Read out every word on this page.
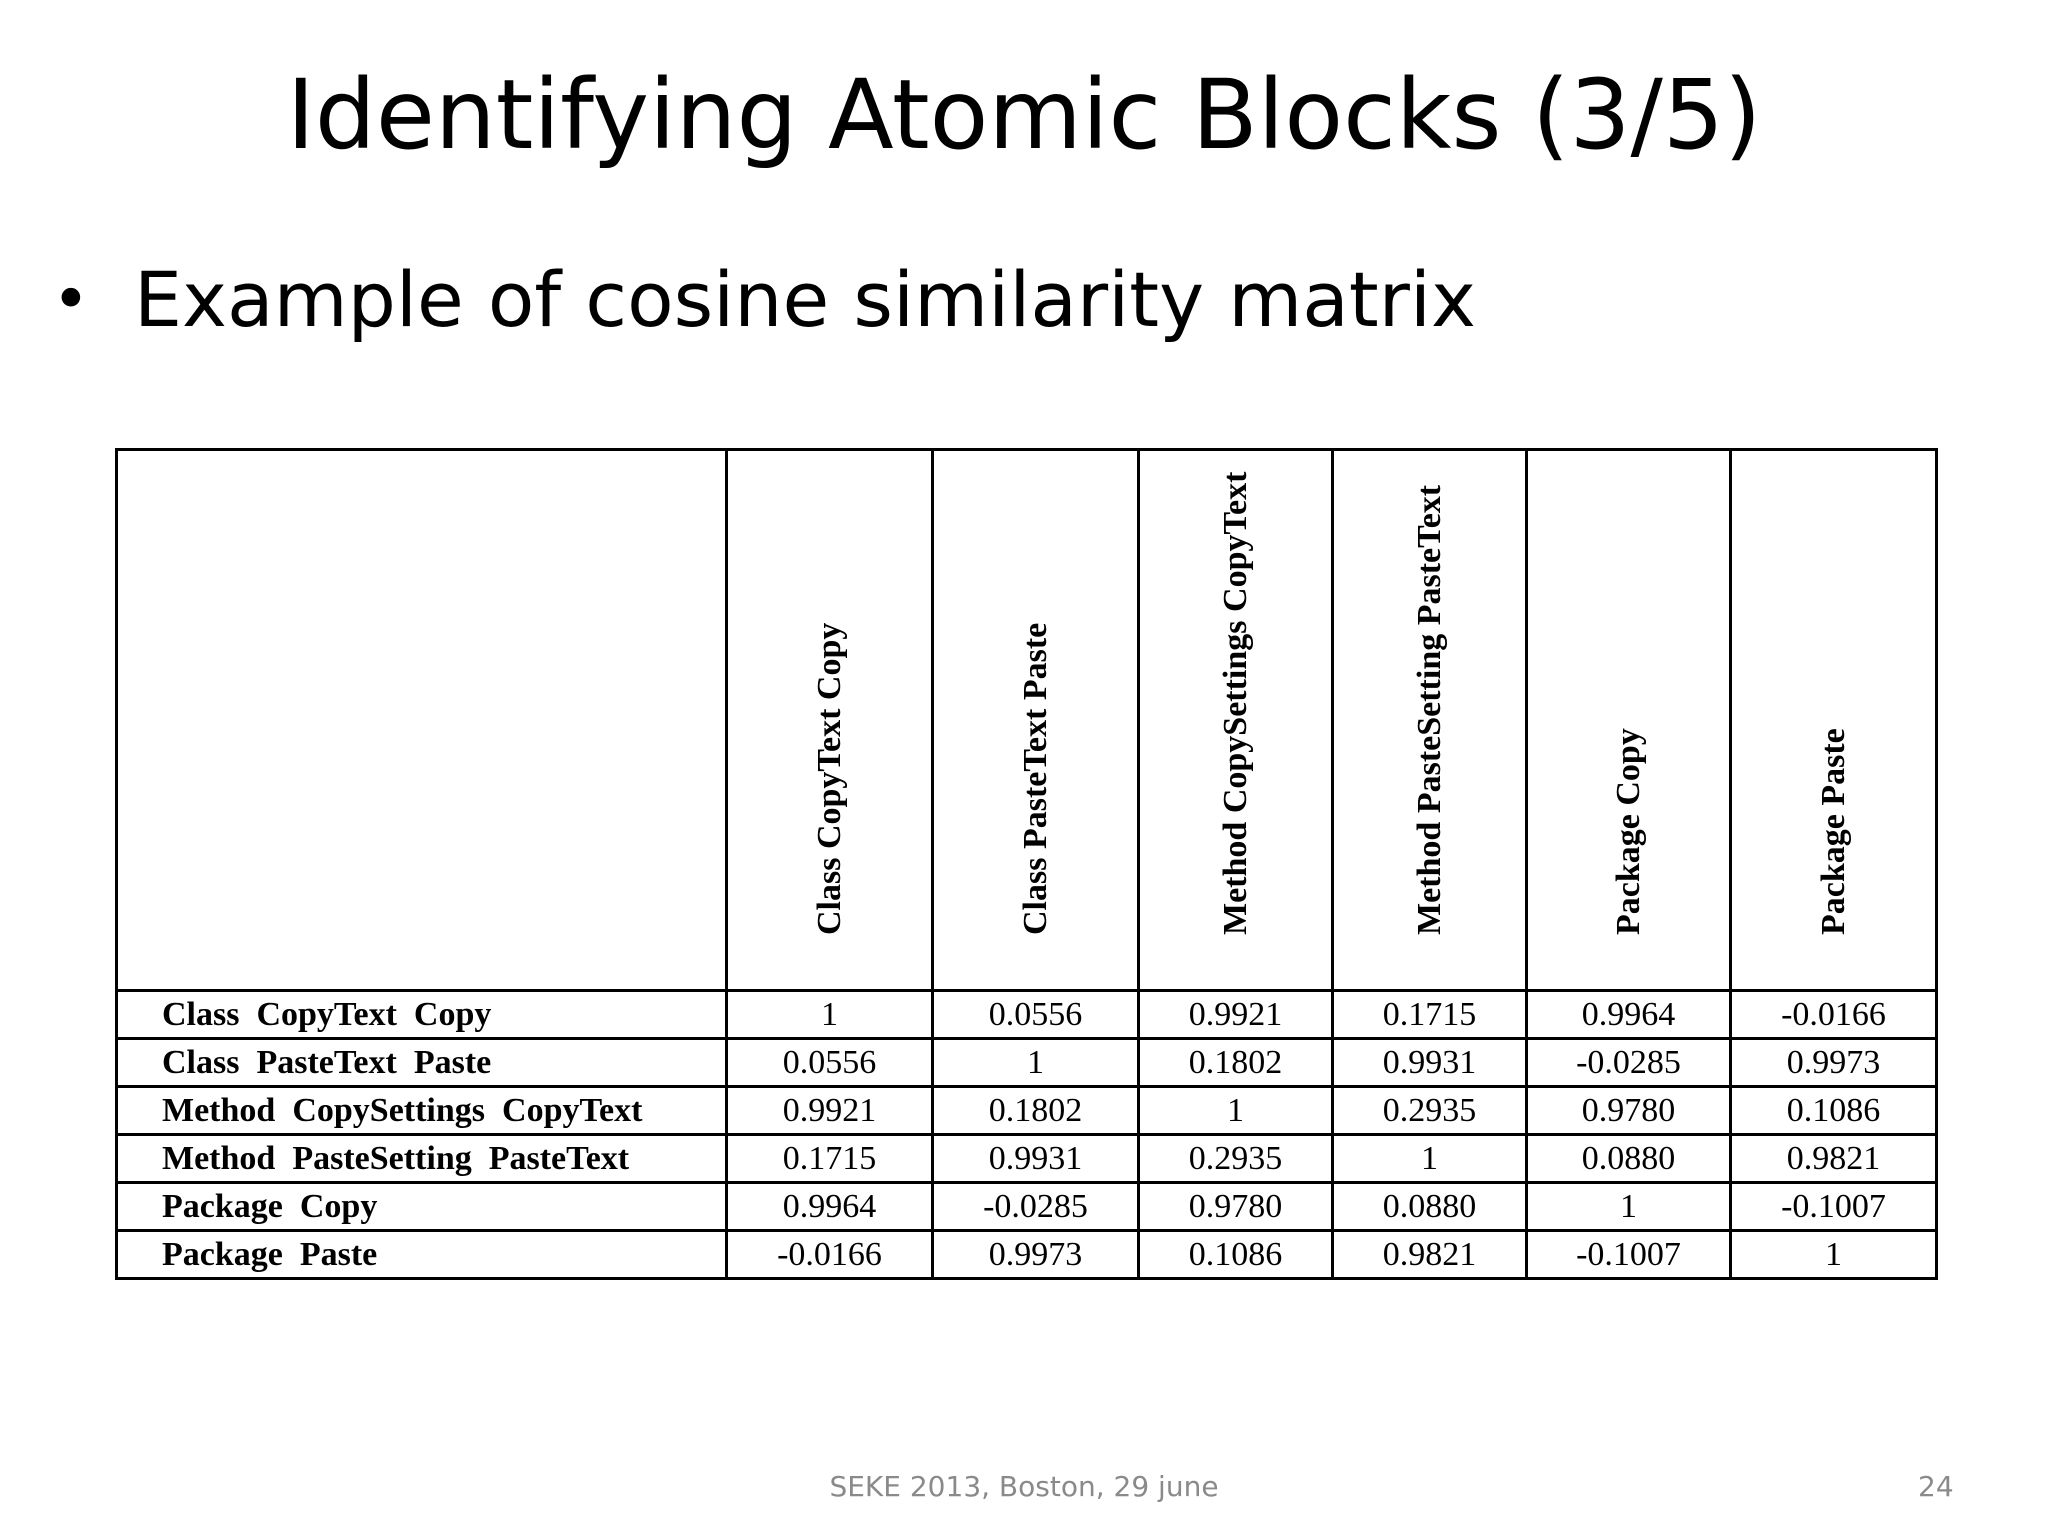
Identifying Atomic Blocks (3/5)
• Example of cosine similarity matrix

	Class CopyText Copy	Class PasteText Paste	Method CopySettings CopyText	Method PasteSetting PasteText	Package Copy	Package Paste

Class  CopyText  Copy	1	0.0556	0.9921	0.1715	0.9964	-0.0166
Class  PasteText  Paste	0.0556	1	0.1802	0.9931	-0.0285	0.9973
Method  CopySettings  CopyText	0.9921	0.1802	1	0.2935	0.9780	0.1086
Method  PasteSetting  PasteText	0.1715	0.9931	0.2935	1	0.0880	0.9821
Package  Copy	0.9964	-0.0285	0.9780	0.0880	1	-0.1007
Package  Paste	-0.0166	0.9973	0.1086	0.9821	-0.1007	1
SEKE 2013, Boston, 29 june	24
